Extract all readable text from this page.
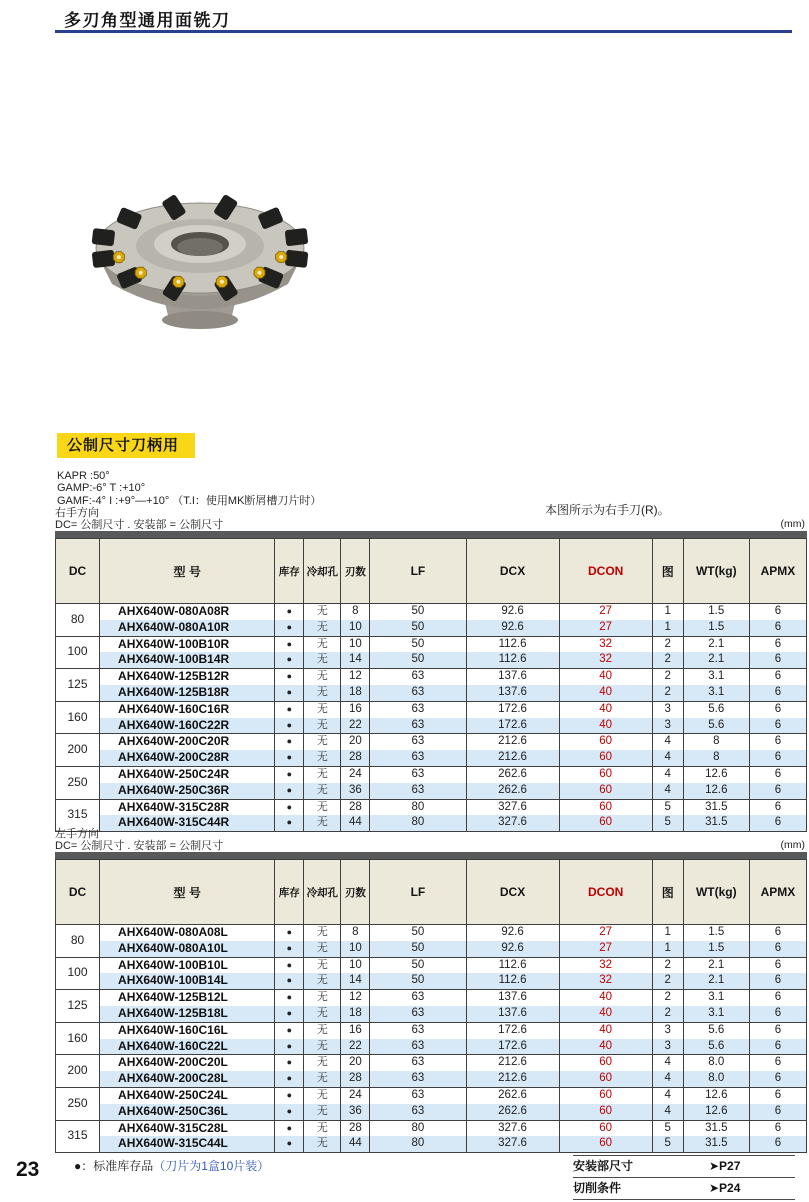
多刃角型通用面铣刀
本图所示为右手刀(R)。
公制尺寸刀柄用
KAPR :50°
GAMP:-6° T :+10°
GAMF:-4° I :+9°—+10° （T.I：使用MK断屑槽刀片时）
右手方向
DC= 公制尺寸 . 安装部 = 公制尺寸	(mm)
DC	型 号	库存	冷却孔	刃数	LF	DCX	DCON	图	WT(kg)	APMX
80	AHX640W-080A08R	●	无	8	50	92.6	27	1	1.5	6
	AHX640W-080A10R	●	无	10	50	92.6	27	1	1.5	6
100	AHX640W-100B10R	●	无	10	50	112.6	32	2	2.1	6
	AHX640W-100B14R	●	无	14	50	112.6	32	2	2.1	6
125	AHX640W-125B12R	●	无	12	63	137.6	40	2	3.1	6
	AHX640W-125B18R	●	无	18	63	137.6	40	2	3.1	6
160	AHX640W-160C16R	●	无	16	63	172.6	40	3	5.6	6
	AHX640W-160C22R	●	无	22	63	172.6	40	3	5.6	6
200	AHX640W-200C20R	●	无	20	63	212.6	60	4	8	6
	AHX640W-200C28R	●	无	28	63	212.6	60	4	8	6
250	AHX640W-250C24R	●	无	24	63	262.6	60	4	12.6	6
	AHX640W-250C36R	●	无	36	63	262.6	60	4	12.6	6
315	AHX640W-315C28R	●	无	28	80	327.6	60	5	31.5	6
	AHX640W-315C44R	●	无	44	80	327.6	60	5	31.5	6
左手方向
DC= 公制尺寸 . 安装部 = 公制尺寸	(mm)
DC	型 号	库存	冷却孔	刃数	LF	DCX	DCON	图	WT(kg)	APMX
80	AHX640W-080A08L	●	无	8	50	92.6	27	1	1.5	6
	AHX640W-080A10L	●	无	10	50	92.6	27	1	1.5	6
100	AHX640W-100B10L	●	无	10	50	112.6	32	2	2.1	6
	AHX640W-100B14L	●	无	14	50	112.6	32	2	2.1	6
125	AHX640W-125B12L	●	无	12	63	137.6	40	2	3.1	6
	AHX640W-125B18L	●	无	18	63	137.6	40	2	3.1	6
160	AHX640W-160C16L	●	无	16	63	172.6	40	3	5.6	6
	AHX640W-160C22L	●	无	22	63	172.6	40	3	5.6	6
200	AHX640W-200C20L	●	无	20	63	212.6	60	4	8.0	6
	AHX640W-200C28L	●	无	28	63	212.6	60	4	8.0	6
250	AHX640W-250C24L	●	无	24	63	262.6	60	4	12.6	6
	AHX640W-250C36L	●	无	36	63	262.6	60	4	12.6	6
315	AHX640W-315C28L	●	无	28	80	327.6	60	5	31.5	6
	AHX640W-315C44L	●	无	44	80	327.6	60	5	31.5	6
23	●：标准库存品（刀片为1盒10片装）	安装部尺寸	➤P27
切削条件	➤P24
